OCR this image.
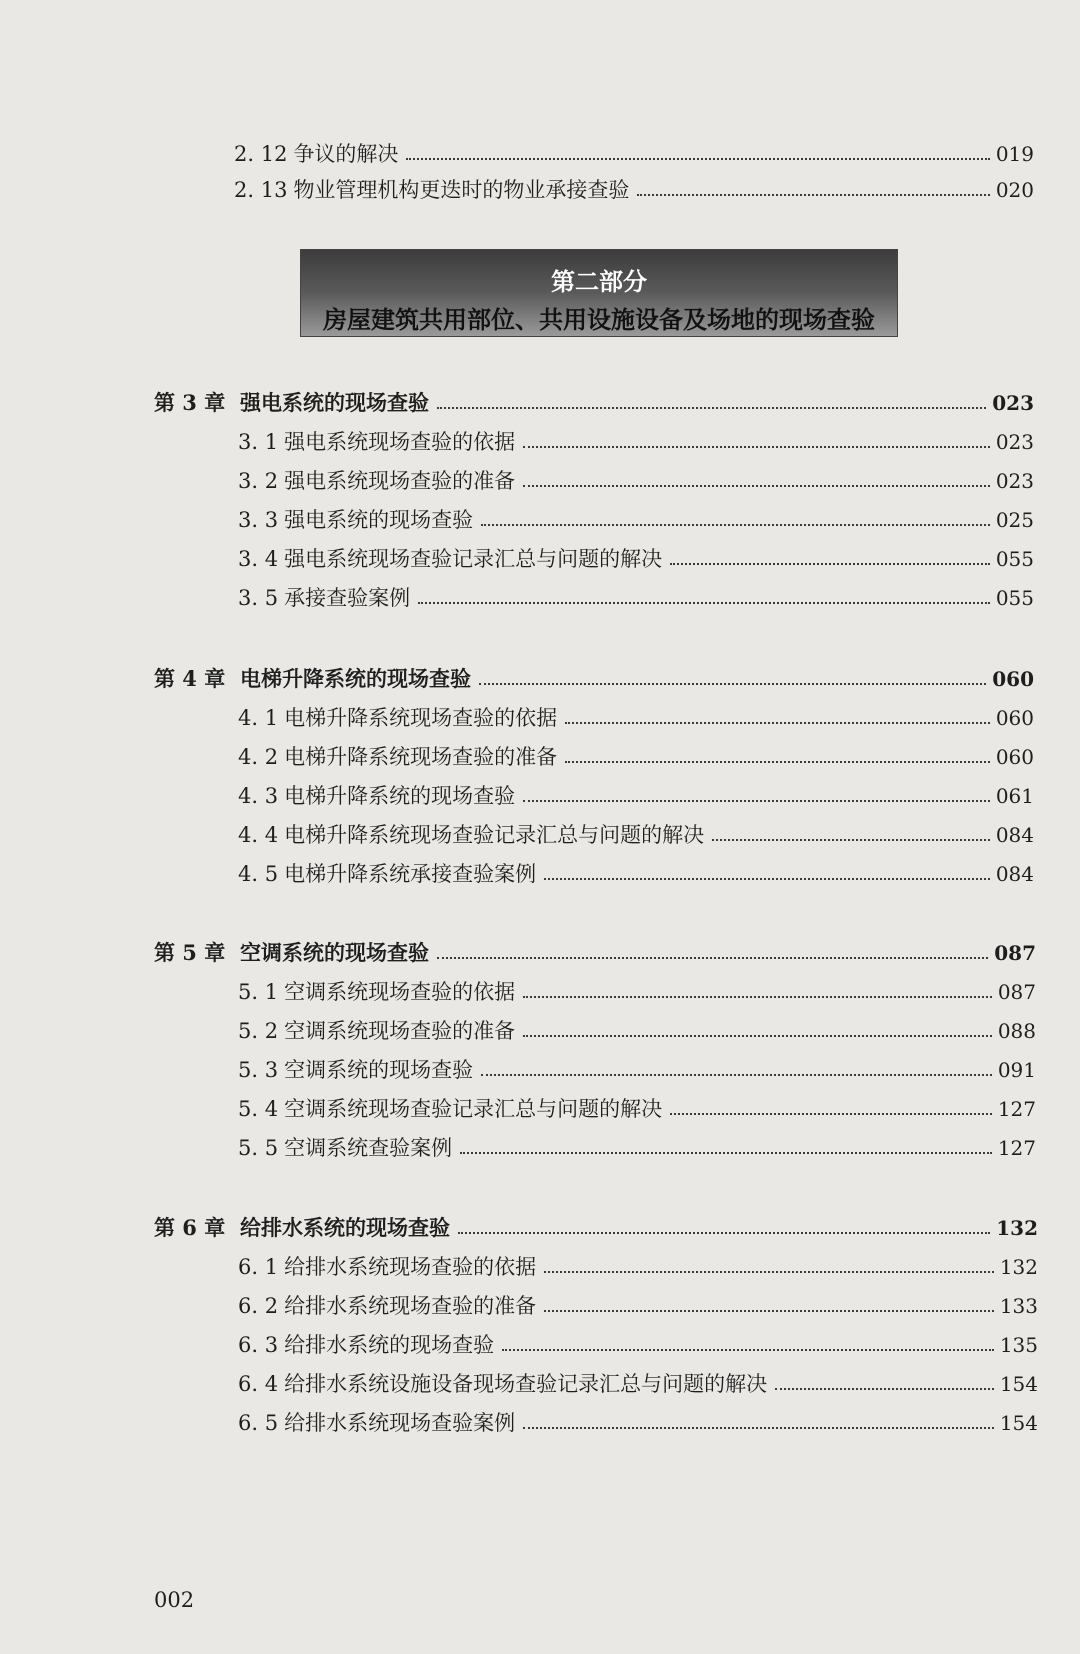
2. 12 争议的解决	019
2. 13 物业管理机构更迭时的物业承接查验	020
第二部分
房屋建筑共用部位、共用设施设备及场地的现场查验
第 3 章 强电系统的现场查验	023
3. 1 强电系统现场查验的依据	023
3. 2 强电系统现场查验的准备	023
3. 3 强电系统的现场查验	025
3. 4 强电系统现场查验记录汇总与问题的解决	055
3. 5 承接查验案例	055
第 4 章 电梯升降系统的现场查验	060
4. 1 电梯升降系统现场查验的依据	060
4. 2 电梯升降系统现场查验的准备	060
4. 3 电梯升降系统的现场查验	061
4. 4 电梯升降系统现场查验记录汇总与问题的解决	084
4. 5 电梯升降系统承接查验案例	084
第 5 章 空调系统的现场查验	087
5. 1 空调系统现场查验的依据	087
5. 2 空调系统现场查验的准备	088
5. 3 空调系统的现场查验	091
5. 4 空调系统现场查验记录汇总与问题的解决	127
5. 5 空调系统查验案例	127
第 6 章 给排水系统的现场查验	132
6. 1 给排水系统现场查验的依据	132
6. 2 给排水系统现场查验的准备	133
6. 3 给排水系统的现场查验	135
6. 4 给排水系统设施设备现场查验记录汇总与问题的解决	154
6. 5 给排水系统现场查验案例	154
002
